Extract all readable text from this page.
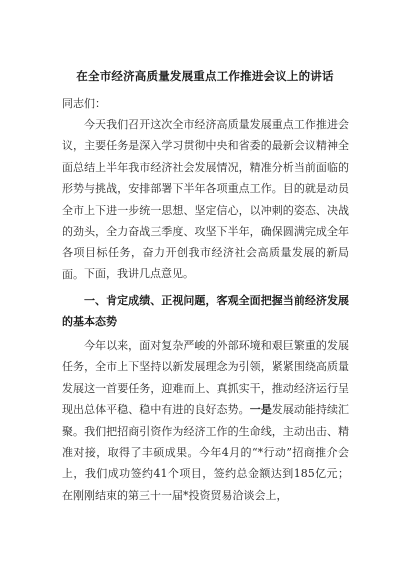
在全市经济高质量发展重点工作推进会议上的讲话
同志们：

今天我们召开这次全市经济高质量发展重点工作推进会议，主要任务是深入学习贯彻中央和省委的最新会议精神全面总结上半年我市经济社会发展情况，精准分析当前面临的形势与挑战，安排部署下半年各项重点工作。目的就是动员全市上下进一步统一思想、坚定信心，以冲刺的姿态、决战的劲头，全力奋战三季度、攻坚下半年，确保圆满完成全年各项目标任务，奋力开创我市经济社会高质量发展的新局面。 下面，我讲几点意见。

一、肯定成绩、正视问题，客观全面把握当前经济发展的基本态势

今年以来，面对复杂严峻的外部环境和艰巨繁重的发展任务，全市上下坚持以新发展理念为引领，紧紧围绕高质量发展这一首要任务，迎难而上、真抓实干，推动经济运行呈现出总体平稳、稳中有进的良好态势。一是发展动能持续汇聚。我们把招商引资作为经济工作的生命线，主动出击、精准对接，取得了丰硕成果。今年4月的“*行动”招商推介会上，我们成功签约41个项目，签约总金额达到185亿元；在刚刚结束的第三十一届*投资贸易洽谈会上，
